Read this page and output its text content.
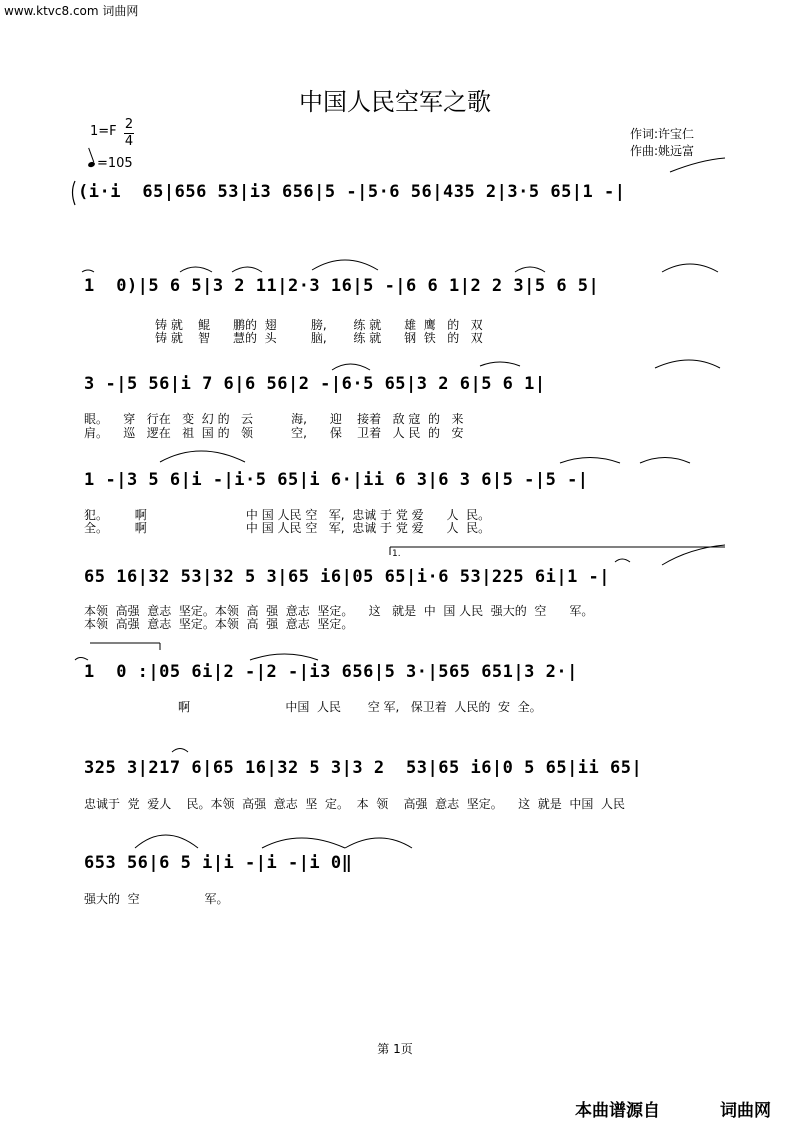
www.ktvc8.com 词曲网
中国人民空军之歌
1=F 2
4
=105
作词:许宝仁
作曲:姚远富
(i·i  65|656 53|i3 656|5 -|5·6 56|435 2|3·5 65|1 -|
1  0)|5 6 5|3 2 11|2·3 16|5 -|6 6 1|2 2 3|5 6 5|
铸 就    鲲      鹏的  翅         膀,       练 就      雄  鹰   的   双
铸 就    智      慧的  头         脑,       练 就      钢  铁   的   双
3 -|5 56|i 7 6|6 56|2 -|6·5 65|3 2 6|5 6 1|
眼。    穿   行在   变  幻 的   云          海,      迎    接着   敌 寇  的   来
肩。    巡   逻在   祖  国 的   领          空,      保    卫着   人 民  的   安
1 -|3 5 6|i -|i·5 65|i 6·|ii 6 3|6 3 6|5 -|5 -|
犯。       啊                          中 国 人民 空   军,  忠诚 于 党 爱      人  民。
全。       啊                          中 国 人民 空   军,  忠诚 于 党 爱      人  民。
1.
65 16|32 53|32 5 3|65 i6|05 65|i·6 53|225 6i|1 -|
本领  高强  意志  坚定。本领  高  强  意志  坚定。    这   就是  中  国 人民  强大的  空      军。
本领  高强  意志  坚定。本领  高  强  意志  坚定。
1  0 :|05 6i|2 -|2 -|i3 656|5 3·|565 651|3 2·|
啊                         中国  人民       空 军,   保卫着  人民的  安  全。
325 3|217 6|65 16|32 5 3|3 2  53|65 i6|0 5 65|ii 65|
忠诚于  党  爱人    民。本领  高强  意志  坚  定。  本  领    高强  意志  坚定。    这  就是  中国  人民
653 56|6 5 i|i -|i -|i 0‖
强大的  空                 军。
第 1页
本曲谱源自	词曲网
